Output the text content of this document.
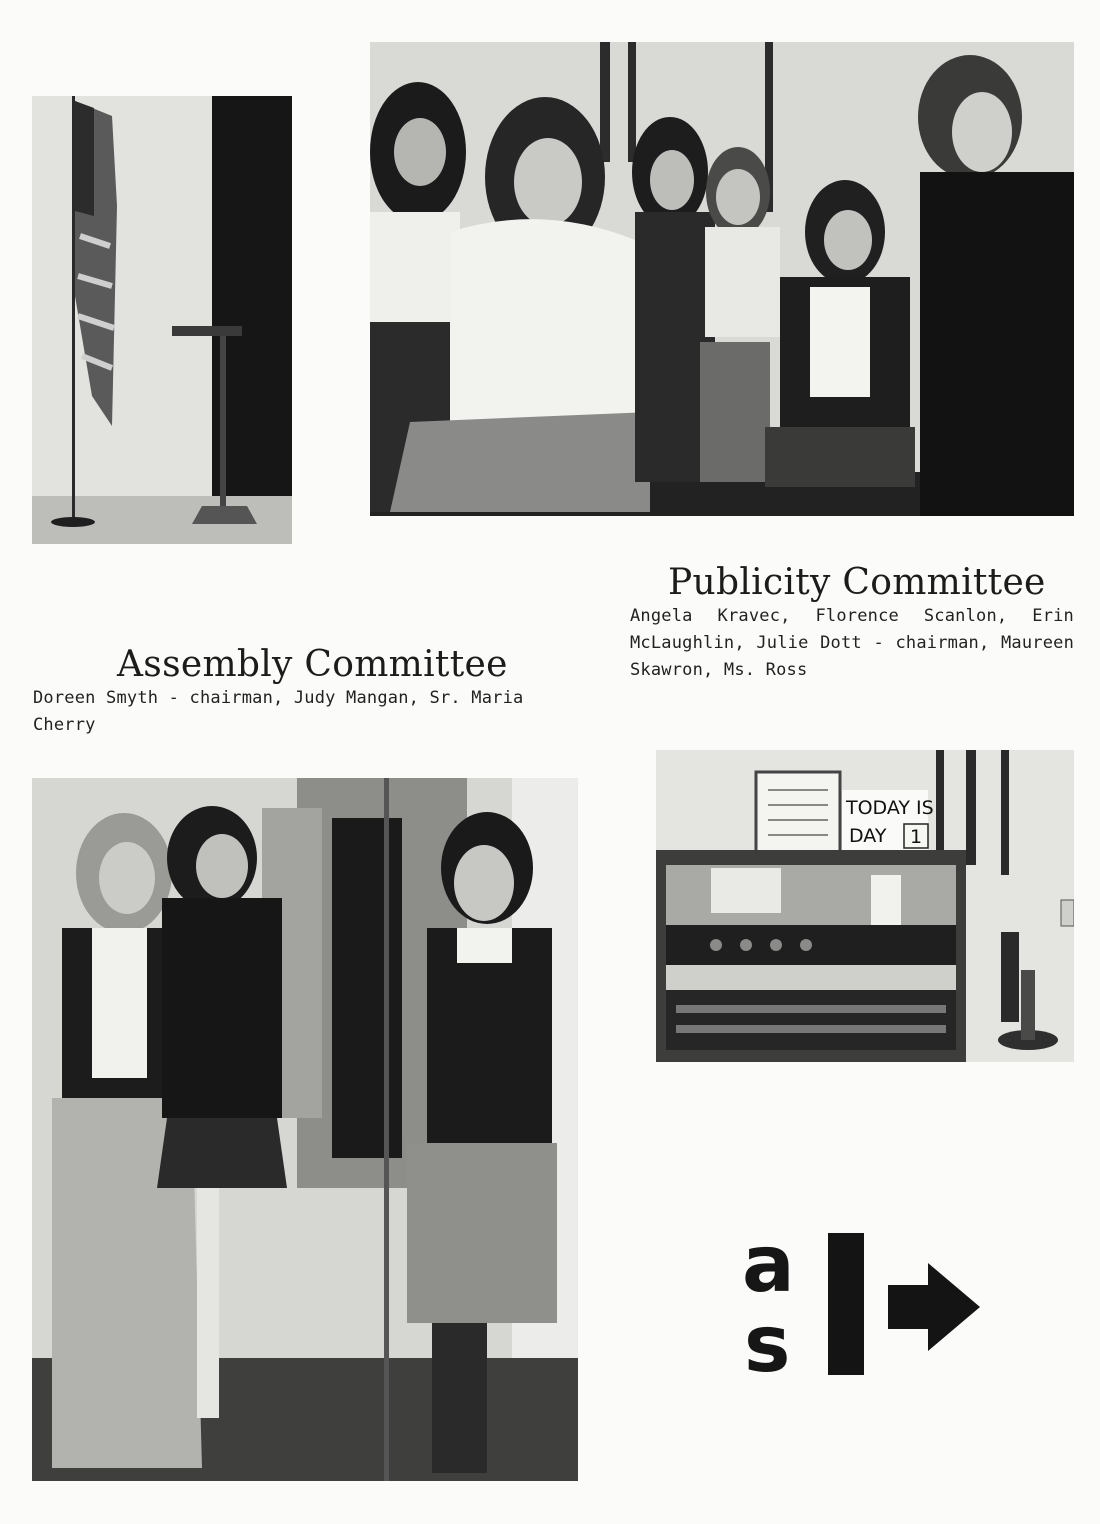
Publicity Committee

Angela Kravec, Florence Scanlon, Erin McLaughlin, Julie Dott - chairman, Maureen Skawron, Ms. Ross

Assembly Committee

Doreen Smyth - chairman, Judy Mangan, Sr. Maria Cherry

TODAY IS
DAY 1
a
s
